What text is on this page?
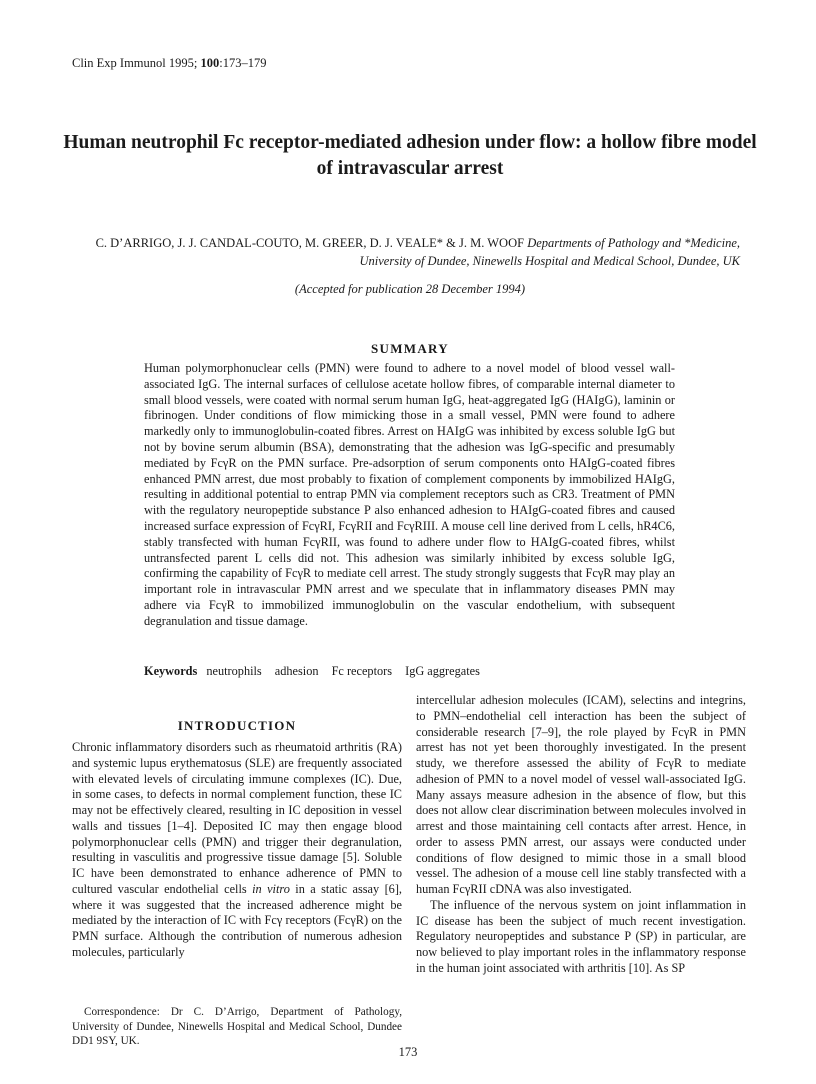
Clin Exp Immunol 1995; 100:173–179
Human neutrophil Fc receptor-mediated adhesion under flow: a hollow fibre model of intravascular arrest
C. D’ARRIGO, J. J. CANDAL-COUTO, M. GREER, D. J. VEALE* & J. M. WOOF Departments of Pathology and *Medicine, University of Dundee, Ninewells Hospital and Medical School, Dundee, UK
(Accepted for publication 28 December 1994)
SUMMARY
Human polymorphonuclear cells (PMN) were found to adhere to a novel model of blood vessel wall-associated IgG. The internal surfaces of cellulose acetate hollow fibres, of comparable internal diameter to small blood vessels, were coated with normal serum human IgG, heat-aggregated IgG (HAIgG), laminin or fibrinogen. Under conditions of flow mimicking those in a small vessel, PMN were found to adhere markedly only to immunoglobulin-coated fibres. Arrest on HAIgG was inhibited by excess soluble IgG but not by bovine serum albumin (BSA), demonstrating that the adhesion was IgG-specific and presumably mediated by FcγR on the PMN surface. Pre-adsorption of serum components onto HAIgG-coated fibres enhanced PMN arrest, due most probably to fixation of complement components by immobilized HAIgG, resulting in additional potential to entrap PMN via complement receptors such as CR3. Treatment of PMN with the regulatory neuropeptide substance P also enhanced adhesion to HAIgG-coated fibres and caused increased surface expression of FcγRI, FcγRII and FcγRIII. A mouse cell line derived from L cells, hR4C6, stably transfected with human FcγRII, was found to adhere under flow to HAIgG-coated fibres, whilst untransfected parent L cells did not. This adhesion was similarly inhibited by excess soluble IgG, confirming the capability of FcγR to mediate cell arrest. The study strongly suggests that FcγR may play an important role in intravascular PMN arrest and we speculate that in inflammatory diseases PMN may adhere via FcγR to immobilized immunoglobulin on the vascular endothelium, with subsequent degranulation and tissue damage.
Keywords neutrophils adhesion Fc receptors IgG aggregates
INTRODUCTION

Chronic inflammatory disorders such as rheumatoid arthritis (RA) and systemic lupus erythematosus (SLE) are frequently associated with elevated levels of circulating immune complexes (IC). Due, in some cases, to defects in normal complement function, these IC may not be effectively cleared, resulting in IC deposition in vessel walls and tissues [1–4]. Deposited IC may then engage blood polymorphonuclear cells (PMN) and trigger their degranulation, resulting in vasculitis and progressive tissue damage [5]. Soluble IC have been demonstrated to enhance adherence of PMN to cultured vascular endothelial cells in vitro in a static assay [6], where it was suggested that the increased adherence might be mediated by the interaction of IC with Fcγ receptors (FcγR) on the PMN surface. Although the contribution of numerous adhesion molecules, particularly

intercellular adhesion molecules (ICAM), selectins and integrins, to PMN–endothelial cell interaction has been the subject of considerable research [7–9], the role played by FcγR in PMN arrest has not yet been thoroughly investigated. In the present study, we therefore assessed the ability of FcγR to mediate adhesion of PMN to a novel model of vessel wall-associated IgG. Many assays measure adhesion in the absence of flow, but this does not allow clear discrimination between molecules involved in arrest and those maintaining cell contacts after arrest. Hence, in order to assess PMN arrest, our assays were conducted under conditions of flow designed to mimic those in a small blood vessel. The adhesion of a mouse cell line stably transfected with a human FcγRII cDNA was also investigated.

The influence of the nervous system on joint inflammation in IC disease has been the subject of much recent investigation. Regulatory neuropeptides and substance P (SP) in particular, are now believed to play important roles in the inflammatory response in the human joint associated with arthritis [10]. As SP

Correspondence: Dr C. D’Arrigo, Department of Pathology, University of Dundee, Ninewells Hospital and Medical School, Dundee DD1 9SY, UK.
173
